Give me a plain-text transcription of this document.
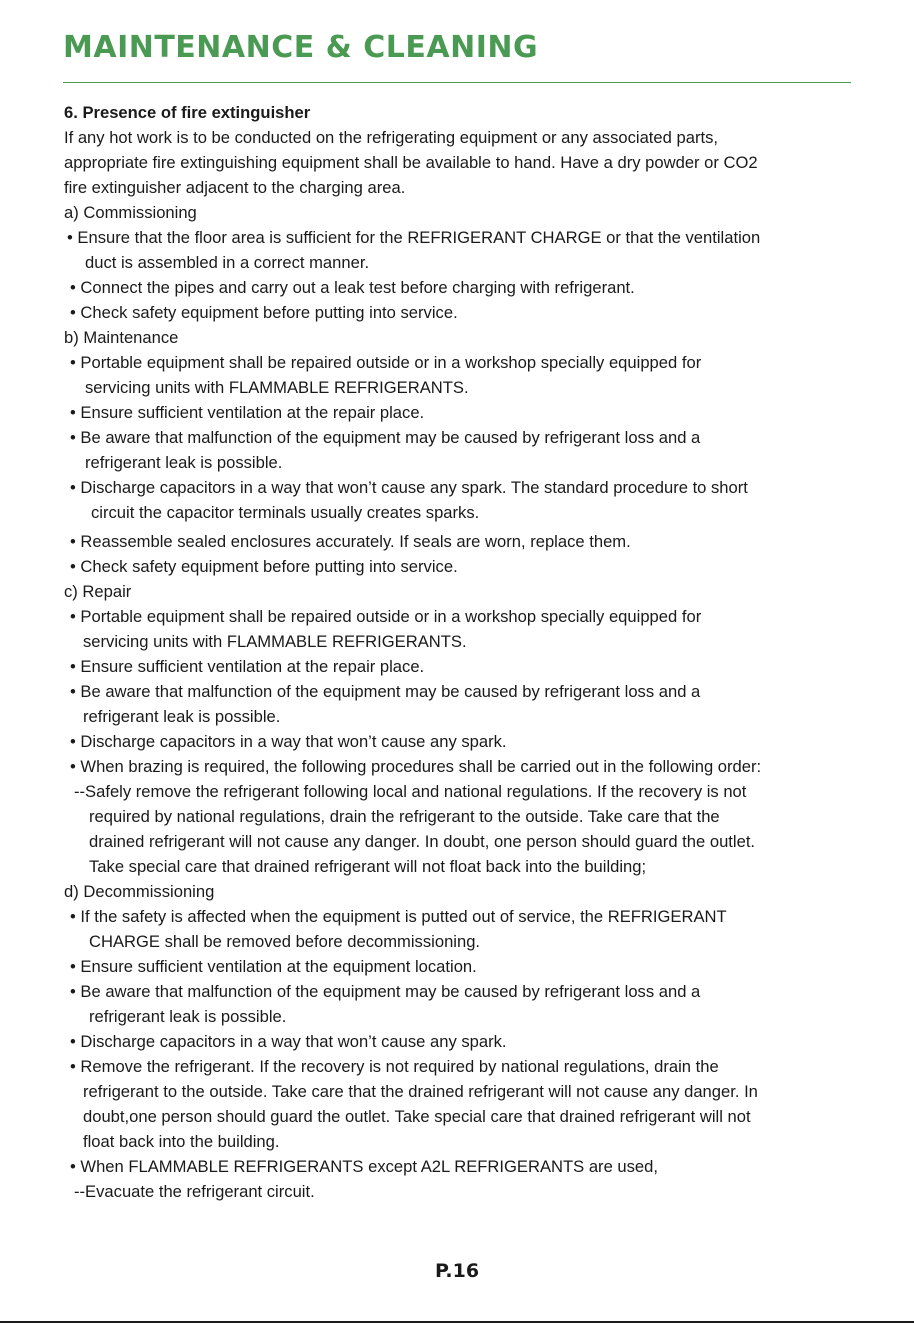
MAINTENANCE & CLEANING
6. Presence of fire extinguisher
If any hot work is to be conducted on the refrigerating equipment or any associated parts,
appropriate fire extinguishing equipment shall be available to hand. Have a dry powder or CO2
fire extinguisher adjacent to the charging area.
a) Commissioning
• Ensure that the floor area is sufficient for the REFRIGERANT CHARGE or that the ventilation
duct is assembled in a correct manner.
• Connect the pipes and carry out a leak test before charging with refrigerant.
• Check safety equipment before putting into service.
b) Maintenance
• Portable equipment shall be repaired outside or in a workshop specially equipped for
servicing units with FLAMMABLE REFRIGERANTS.
• Ensure sufficient ventilation at the repair place.
• Be aware that malfunction of the equipment may be caused by refrigerant loss and a
refrigerant leak is possible.
• Discharge capacitors in a way that won’t cause any spark. The standard procedure to short
circuit the capacitor terminals usually creates sparks.
• Reassemble sealed enclosures accurately. If seals are worn, replace them.
• Check safety equipment before putting into service.
c) Repair
• Portable equipment shall be repaired outside or in a workshop specially equipped for
servicing units with FLAMMABLE REFRIGERANTS.
• Ensure sufficient ventilation at the repair place.
• Be aware that malfunction of the equipment may be caused by refrigerant loss and a
refrigerant leak is possible.
• Discharge capacitors in a way that won’t cause any spark.
• When brazing is required, the following procedures shall be carried out in the following order:
--Safely remove the refrigerant following local and national regulations. If the recovery is not
required by national regulations, drain the refrigerant to the outside. Take care that the
drained refrigerant will not cause any danger. In doubt, one person should guard the outlet.
Take special care that drained refrigerant will not float back into the building;
d) Decommissioning
• If the safety is affected when the equipment is putted out of service, the REFRIGERANT
CHARGE shall be removed before decommissioning.
• Ensure sufficient ventilation at the equipment location.
• Be aware that malfunction of the equipment may be caused by refrigerant loss and a
refrigerant leak is possible.
• Discharge capacitors in a way that won’t cause any spark.
• Remove the refrigerant. If the recovery is not required by national regulations, drain the
refrigerant to the outside. Take care that the drained refrigerant will not cause any danger. In
doubt,one person should guard the outlet. Take special care that drained refrigerant will not
float back into the building.
• When FLAMMABLE REFRIGERANTS except A2L REFRIGERANTS are used,
--Evacuate the refrigerant circuit.
P.16
